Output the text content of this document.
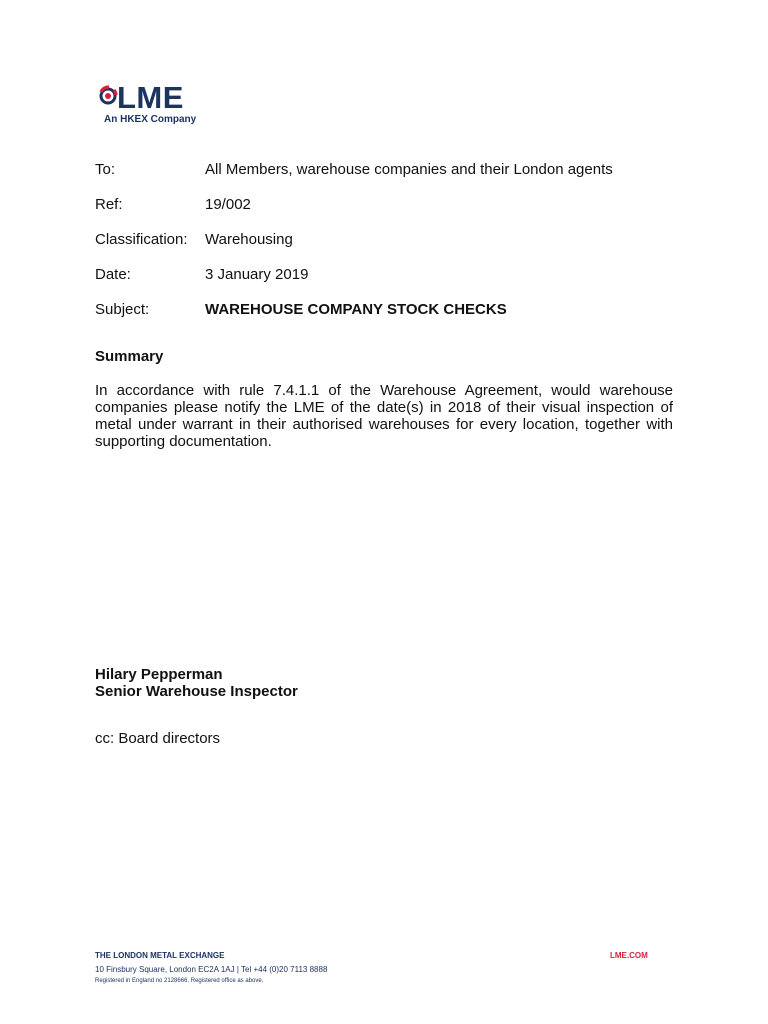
LME
An HKEX Company
To:	All Members, warehouse companies and their London agents
Ref:	19/002
Classification: Warehousing
Date:	3 January 2019
Subject:	WAREHOUSE COMPANY STOCK CHECKS
Summary

In accordance with rule 7.4.1.1 of the Warehouse Agreement, would warehouse companies please notify the LME of the date(s) in 2018 of their visual inspection of metal under warrant in their authorised warehouses for every location, together with supporting documentation.

Hilary Pepperman
Senior Warehouse Inspector
cc: Board directors
THE LONDON METAL EXCHANGE	LME.COM
10 Finsbury Square, London EC2A 1AJ | Tel +44 (0)20 7113 8888
Registered in England no 2128666. Registered office as above.
